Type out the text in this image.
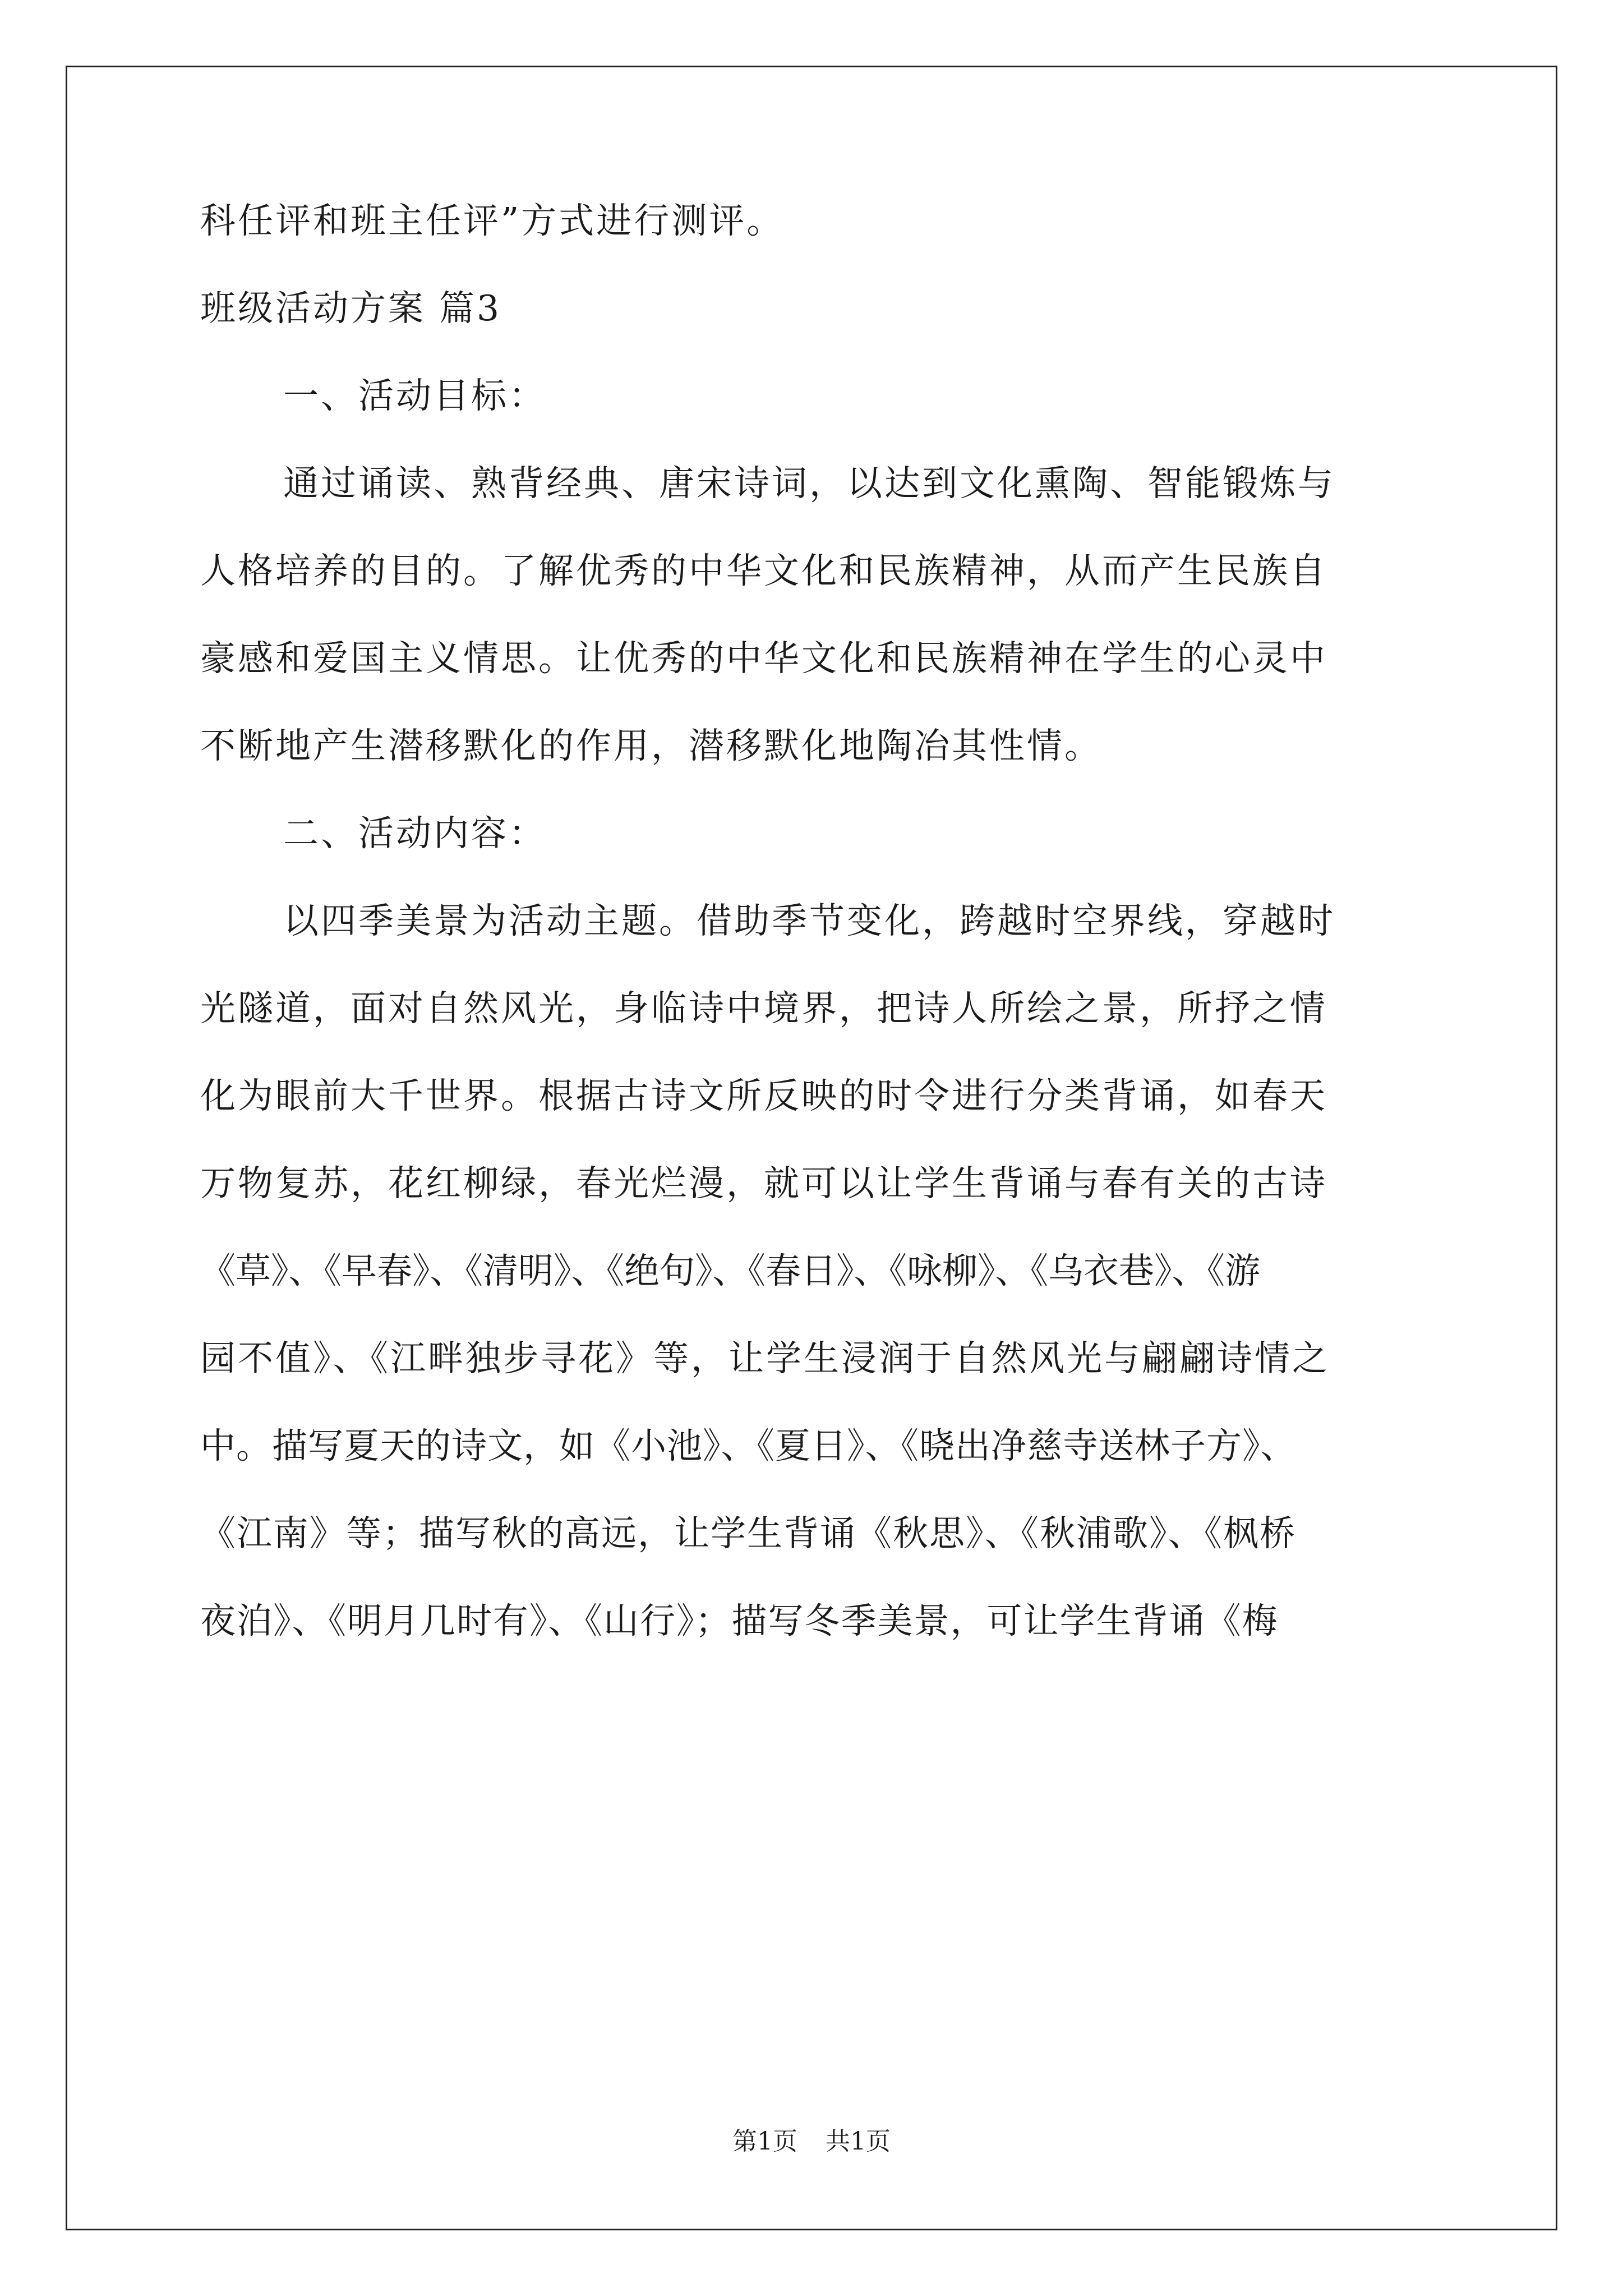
科任评和班主任评”方式进行测评。

班级活动方案 篇3

一、活动目标：

通过诵读、熟背经典、唐宋诗词，以达到文化熏陶、智能锻炼与

人格培养的目的。了解优秀的中华文化和民族精神，从而产生民族自

豪感和爱国主义情思。让优秀的中华文化和民族精神在学生的心灵中

不断地产生潜移默化的作用，潜移默化地陶冶其性情。

二、活动内容：

以四季美景为活动主题。借助季节变化，跨越时空界线，穿越时

光隧道，面对自然风光，身临诗中境界，把诗人所绘之景，所抒之情

化为眼前大千世界。根据古诗文所反映的时令进行分类背诵，如春天

万物复苏，花红柳绿，春光烂漫，就可以让学生背诵与春有关的古诗

《草》、《早春》、《清明》、《绝句》、《春日》、《咏柳》、《乌衣巷》、《游

园不值》、《江畔独步寻花》等，让学生浸润于自然风光与翩翩诗情之

中。描写夏天的诗文，如《小池》、《夏日》、《晓出净慈寺送林子方》、

《江南》等；描写秋的高远，让学生背诵《秋思》、《秋浦歌》、《枫桥

夜泊》、《明月几时有》、《山行》；描写冬季美景，可让学生背诵《梅

第1页 共1页
